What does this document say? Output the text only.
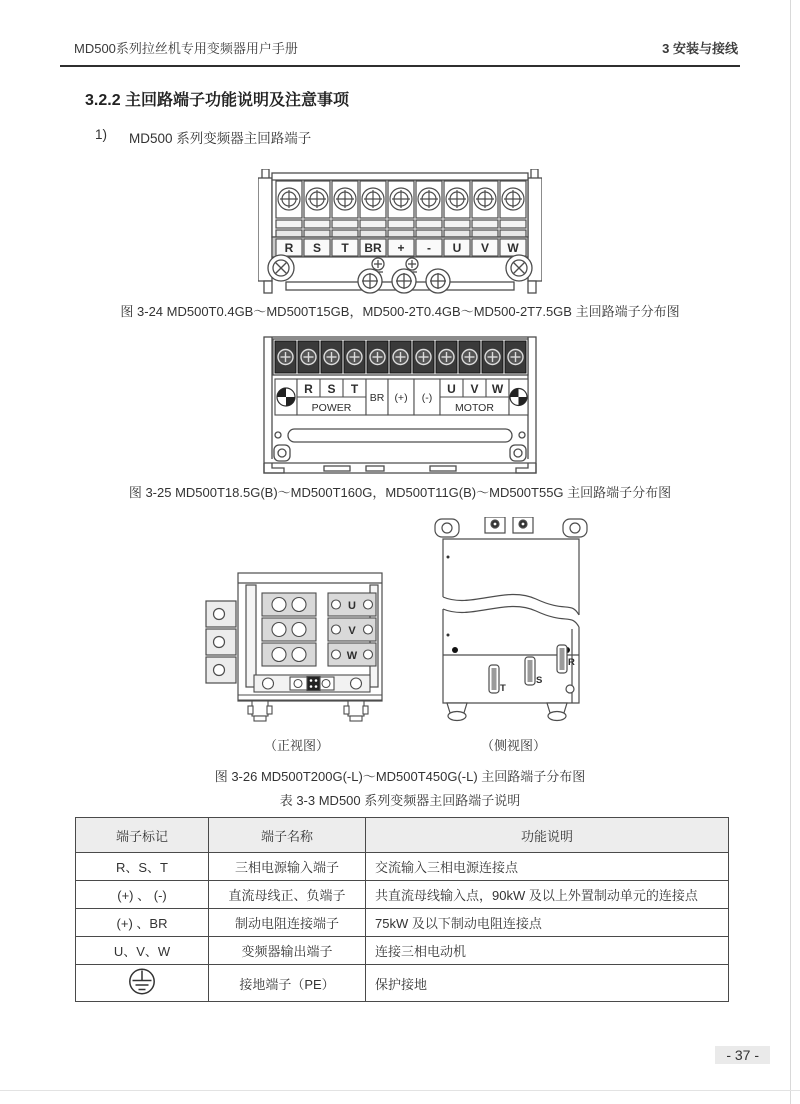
MD500系列拉丝机专用变频器用户手册	3 安装与接线
3.2.2 主回路端子功能说明及注意事项
1) MD500 系列变频器主回路端子
R S T BR + - U V W
图 3-24 MD500T0.4GB～MD500T15GB，MD500-2T0.4GB～MD500-2T7.5GB 主回路端子分布图
R S T	U V W
BR (+) (-)
POWER	MOTOR
图 3-25 MD500T18.5G(B)～MD500T160G，MD500T11G(B)～MD500T55G 主回路端子分布图
U
V
W
（正视图）
T
S
R
（侧视图）
图 3-26 MD500T200G(-L)～MD500T450G(-L) 主回路端子分布图
表 3-3 MD500 系列变频器主回路端子说明
端子标记	端子名称	功能说明
R、S、T	三相电源输入端子	交流输入三相电源连接点
(+) 、 (-)	直流母线正、负端子	共直流母线输入点，90kW 及以上外置制动单元的连接点
(+) 、BR	制动电阻连接端子	75kW 及以下制动电阻连接点
U、V、W	变频器输出端子	连接三相电动机
	接地端子（PE）	保护接地
- 37 -
